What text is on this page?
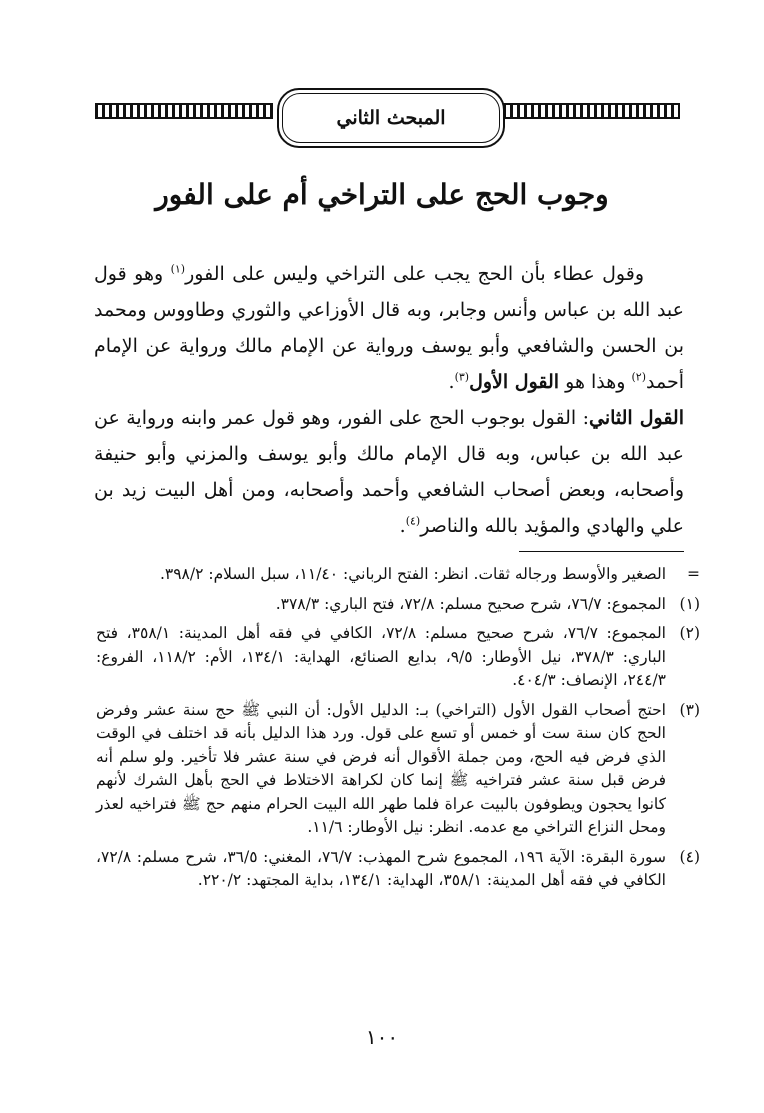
المبحث الثاني
وجوب الحج على التراخي أم على الفور
وقول عطاء بأن الحج يجب على التراخي وليس على الفور$^{(١)}$ وهو قول عبد الله بن عباس وأنس وجابر، وبه قال الأوزاعي والثوري وطاووس ومحمد بن الحسن والشافعي وأبو يوسف ورواية عن الإمام مالك ورواية عن الإمام أحمد$^{(٢)}$ وهذا هو القول الأول$^{(٣)}$.
القول الثاني: القول بوجوب الحج على الفور، وهو قول عمر وابنه ورواية عن عبد الله بن عباس، وبه قال الإمام مالك وأبو يوسف والمزني وأبو حنيفة وأصحابه، وبعض أصحاب الشافعي وأحمد وأصحابه، ومن أهل البيت زيد بن علي والهادي والمؤيد بالله والناصر$^{(٤)}$.
=
الصغير والأوسط ورجاله ثقات. انظر: الفتح الرباني: ١١/٤٠، سبل السلام: ٣٩٨/٢.
(١)
المجموع: ٧٦/٧، شرح صحيح مسلم: ٧٢/٨، فتح الباري: ٣٧٨/٣.
(٢)
المجموع: ٧٦/٧، شرح صحيح مسلم: ٧٢/٨، الكافي في فقه أهل المدينة: ٣٥٨/١، فتح الباري: ٣٧٨/٣، نيل الأوطار: ٩/٥، بدايع الصنائع، الهداية: ١٣٤/١، الأم: ١١٨/٢، الفروع: ٢٤٤/٣، الإنصاف: ٤٠٤/٣.
(٣)
احتج أصحاب القول الأول (التراخي) بـ: الدليل الأول: أن النبي ﷺ حج سنة عشر وفرض الحج كان سنة ست أو خمس أو تسع على قول. ورد هذا الدليل بأنه قد اختلف في الوقت الذي فرض فيه الحج، ومن جملة الأقوال أنه فرض في سنة عشر فلا تأخير. ولو سلم أنه فرض قبل سنة عشر فتراخيه ﷺ إنما كان لكراهة الاختلاط في الحج بأهل الشرك لأنهم كانوا يحجون ويطوفون بالبيت عراة فلما طهر الله البيت الحرام منهم حج ﷺ فتراخيه لعذر ومحل النزاع التراخي مع عدمه. انظر: نيل الأوطار: ١١/٦.
(٤)
سورة البقرة: الآية ١٩٦، المجموع شرح المهذب: ٧٦/٧، المغني: ٣٦/٥، شرح مسلم: ٧٢/٨، الكافي في فقه أهل المدينة: ٣٥٨/١، الهداية: ١٣٤/١، بداية المجتهد: ٢٢٠/٢.
١٠٠
